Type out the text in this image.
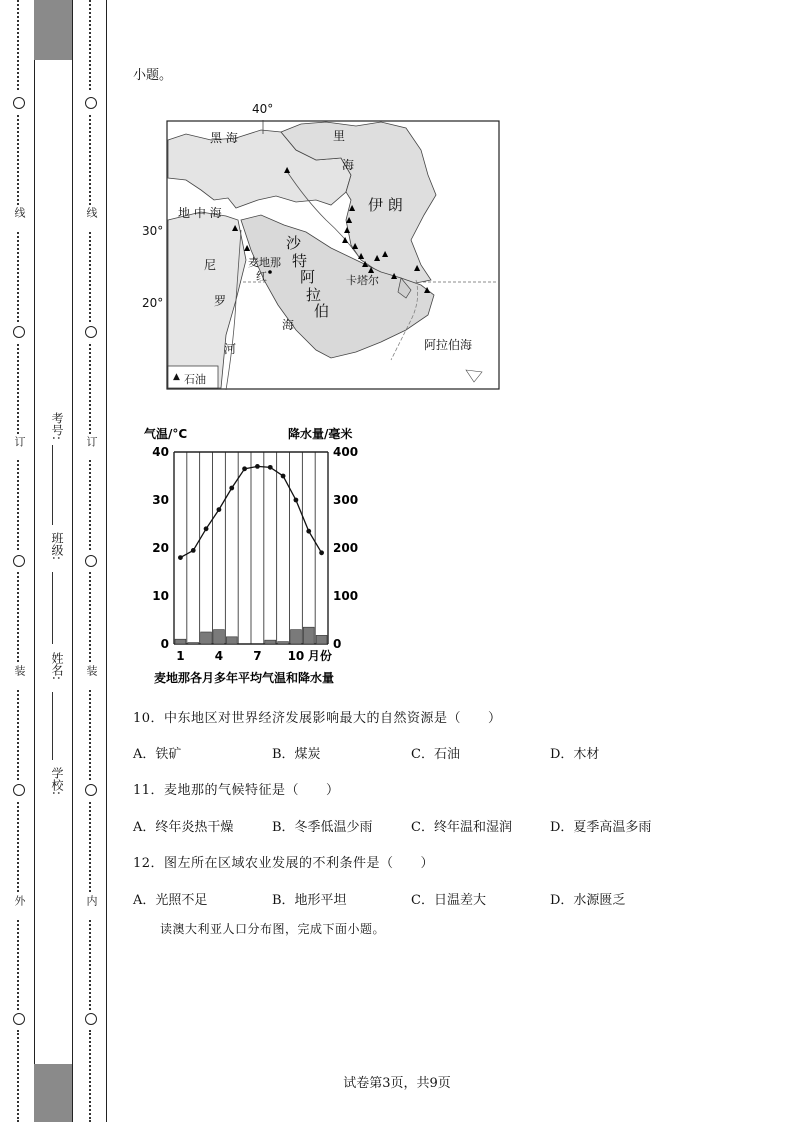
线
订
装
外
线
订
装
内
考号:
班级:
姓名:
学校:
小题。
▲
▲
▲
▲
▲
▲
▲
▲
▲
▲ ▲
▲
▲
▲
▲
▲
40°
30°
20°
黑 海	里
海
地 中 海	伊 朗
沙
特
阿
拉
伯
麦地那
尼
红
罗
河
海
卡塔尔
阿拉伯海
▲ 石油
气温/°C	降水量/毫米
40
30
20
10
0
400
300
200
100
0
1	4	7 10 月份
麦地那各月多年平均气温和降水量
10．中东地区对世界经济发展影响最大的自然资源是（　　）
A．铁矿	B．煤炭	C．石油	D．木材
11．麦地那的气候特征是（　　）
A．终年炎热干燥	B．冬季低温少雨	C．终年温和湿润	D．夏季高温多雨
12．图左所在区域农业发展的不利条件是（　　）
A．光照不足	B．地形平坦	C．日温差大	D．水源匮乏
读澳大利亚人口分布图，完成下面小题。
试卷第3页，共9页
